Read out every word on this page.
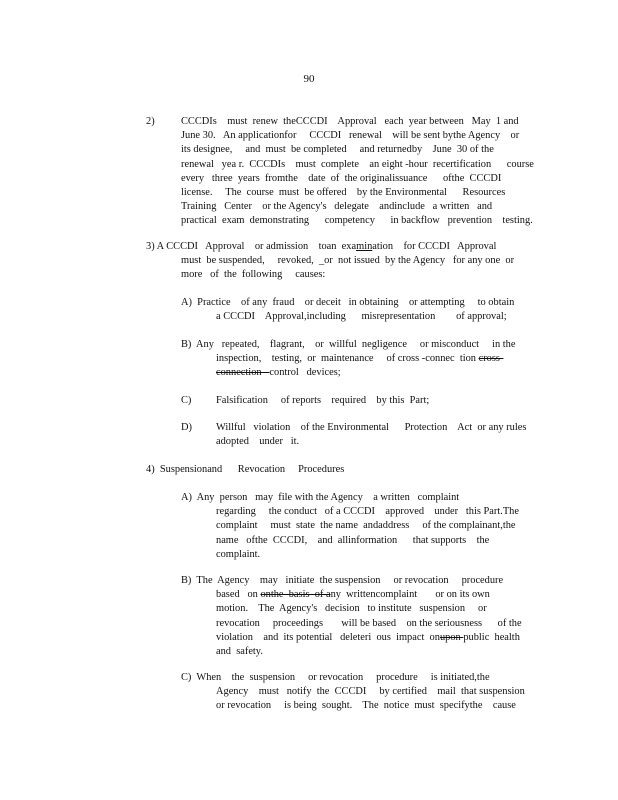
90
2)	CCCDIs    must  renew  theCCCDI    Approval   each  year between   May  1 and
June 30.   An applicationfor     CCCDI   renewal    will be sent bythe Agency    or
its designee,     and  must  be completed     and returnedby    June  30 of the
renewal   yea r.  CCCDIs    must  complete    an eight -hour  recertification      course
every   three  years  fromthe    date  of  the originalissuance      ofthe  CCCDI
license.     The  course  must  be offered    by the Environmental      Resources
Training   Center    or the Agency's   delegate    andinclude   a written   and
practical  exam  demonstrating      competency      in backflow   prevention    testing.
3) A CCCDI   Approval    or admission    toan  examination    for CCCDI   Approval
must  be suspended,     revoked,  _or  not issued  by the Agency   for any one  or
more   of  the  following     causes:
A)  Practice    of any  fraud    or deceit   in obtaining    or attempting     to obtain
a CCCDI    Approval,including      misrepresentation        of approval;
B)  Any   repeated,    flagrant,    or  willful  negligence     or misconduct     in the
inspection,    testing,  or  maintenance     of cross -connec  tion cross-
connection   control   devices;
C) Falsification     of reports    required    by this  Part;
D) Willful   violation    of the Environmental      Protection    Act  or any rules
adopted    under   it.
4)  Suspensionand      Revocation     Procedures
A)  Any  person   may  file with the Agency    a written   complaint
regarding     the conduct   of a CCCDI    approved    under   this Part.The
complaint     must  state  the name  andaddress     of the complainant,the
name   ofthe  CCCDI,    and  allinformation      that supports    the
complaint.
B)  The  Agency    may   initiate  the suspension     or revocation     procedure
based   on onthe  basis  of any  writtencomplaint       or on its own
motion.    The  Agency's   decision   to institute   suspension     or
revocation     proceedings       will be based    on the seriousness      of the
violation    and  its potential   deleteri  ous  impact  onupon public  health
and  safety.
C)  When    the  suspension     or revocation     procedure     is initiated,the
Agency    must   notify  the  CCCDI     by certified    mail  that suspension
or revocation     is being  sought.    The  notice  must  specifythe    cause
